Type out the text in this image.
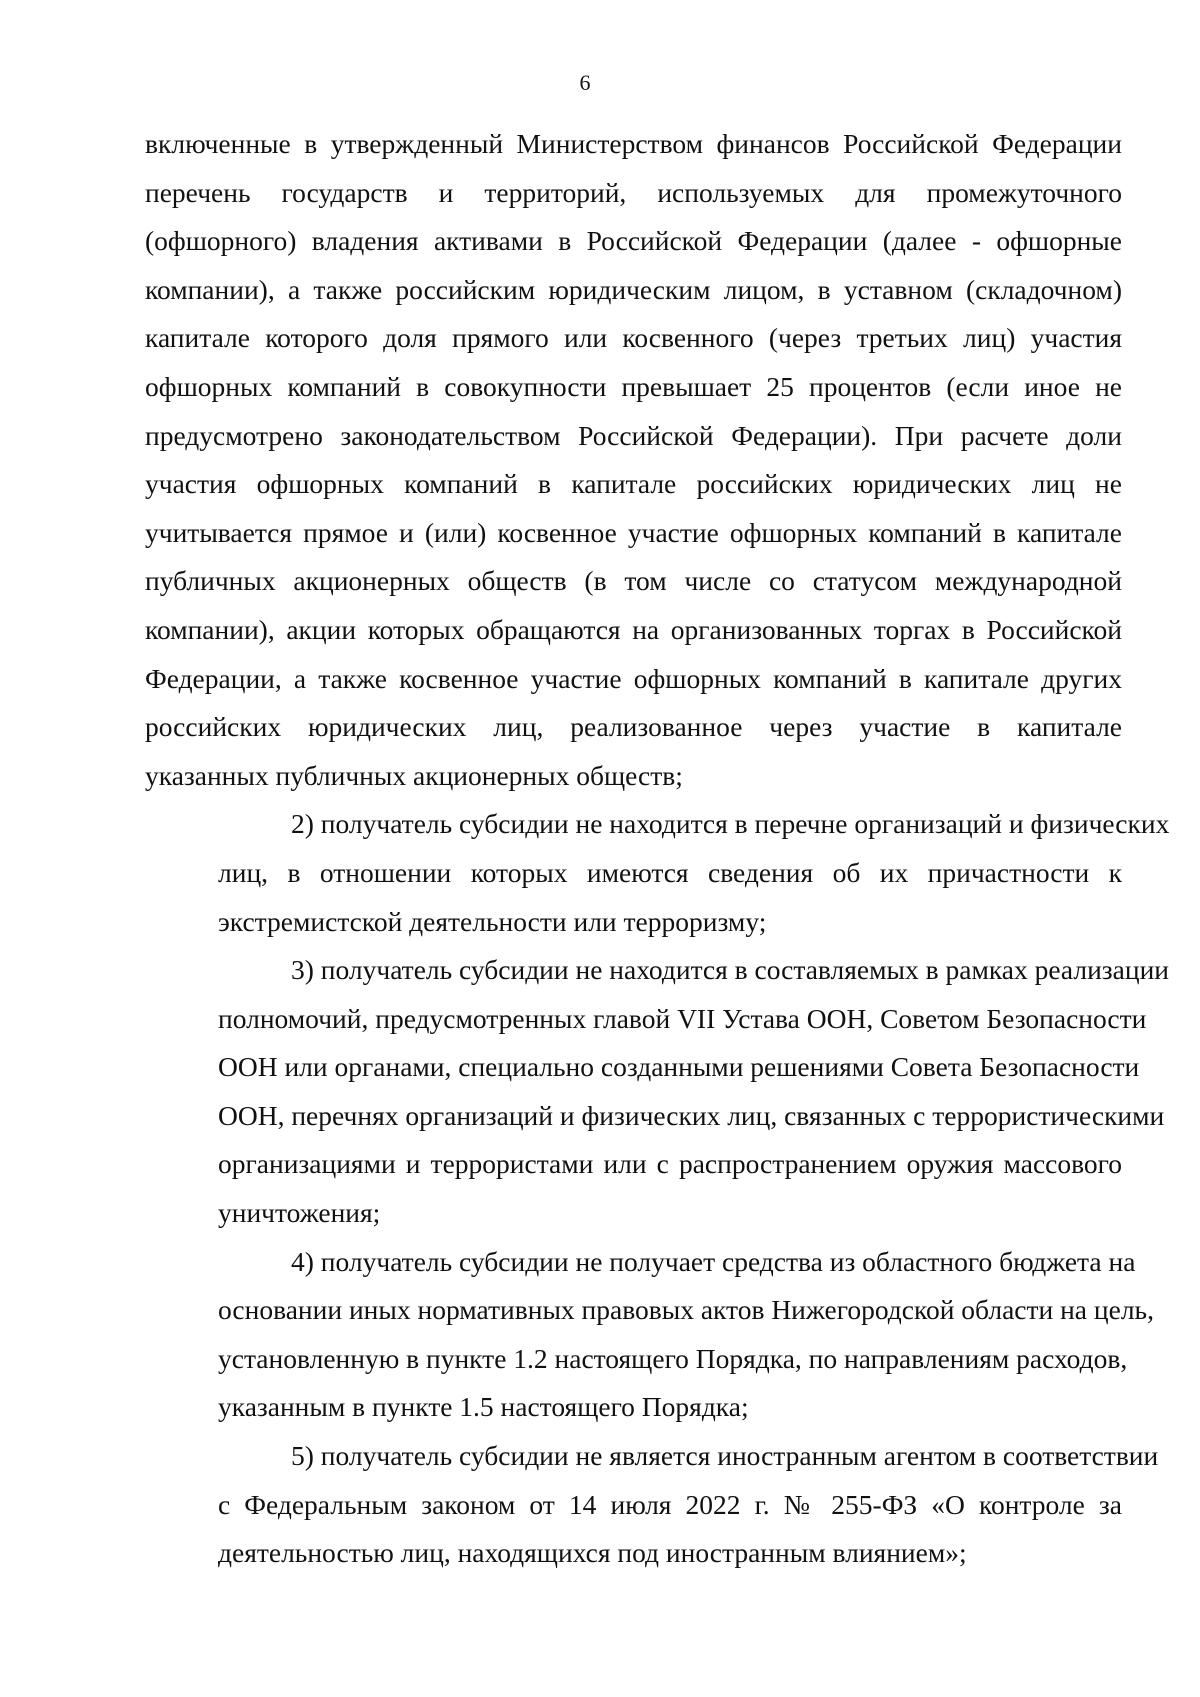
6
включенные в утвержденный Министерством финансов Российской Федерации
перечень государств и территорий, используемых для промежуточного
(офшорного) владения активами в Российской Федерации (далее - офшорные
компании), а также российским юридическим лицом, в уставном (складочном)
капитале которого доля прямого или косвенного (через третьих лиц) участия
офшорных компаний в совокупности превышает 25 процентов (если иное не
предусмотрено законодательством Российской Федерации). При расчете доли
участия офшорных компаний в капитале российских юридических лиц не
учитывается прямое и (или) косвенное участие офшорных компаний в капитале
публичных акционерных обществ (в том числе со статусом международной
компании), акции которых обращаются на организованных торгах в Российской
Федерации, а также косвенное участие офшорных компаний в капитале других
российских юридических лиц, реализованное через участие в капитале
указанных публичных акционерных обществ;
2) получатель субсидии не находится в перечне организаций и физических
лиц, в отношении которых имеются сведения об их причастности к
экстремистской деятельности или терроризму;
3) получатель субсидии не находится в составляемых в рамках реализации
полномочий, предусмотренных главой VII Устава ООН, Советом Безопасности
ООН или органами, специально созданными решениями Совета Безопасности
ООН, перечнях организаций и физических лиц, связанных с террористическими
организациями и террористами или с распространением оружия массового
уничтожения;
4) получатель субсидии не получает средства из областного бюджета на
основании иных нормативных правовых актов Нижегородской области на цель,
установленную в пункте 1.2 настоящего Порядка, по направлениям расходов,
указанным в пункте 1.5 настоящего Порядка;
5) получатель субсидии не является иностранным агентом в соответствии
с Федеральным законом от 14 июля 2022 г. № 255-ФЗ «О контроле за
деятельностью лиц, находящихся под иностранным влиянием»;
